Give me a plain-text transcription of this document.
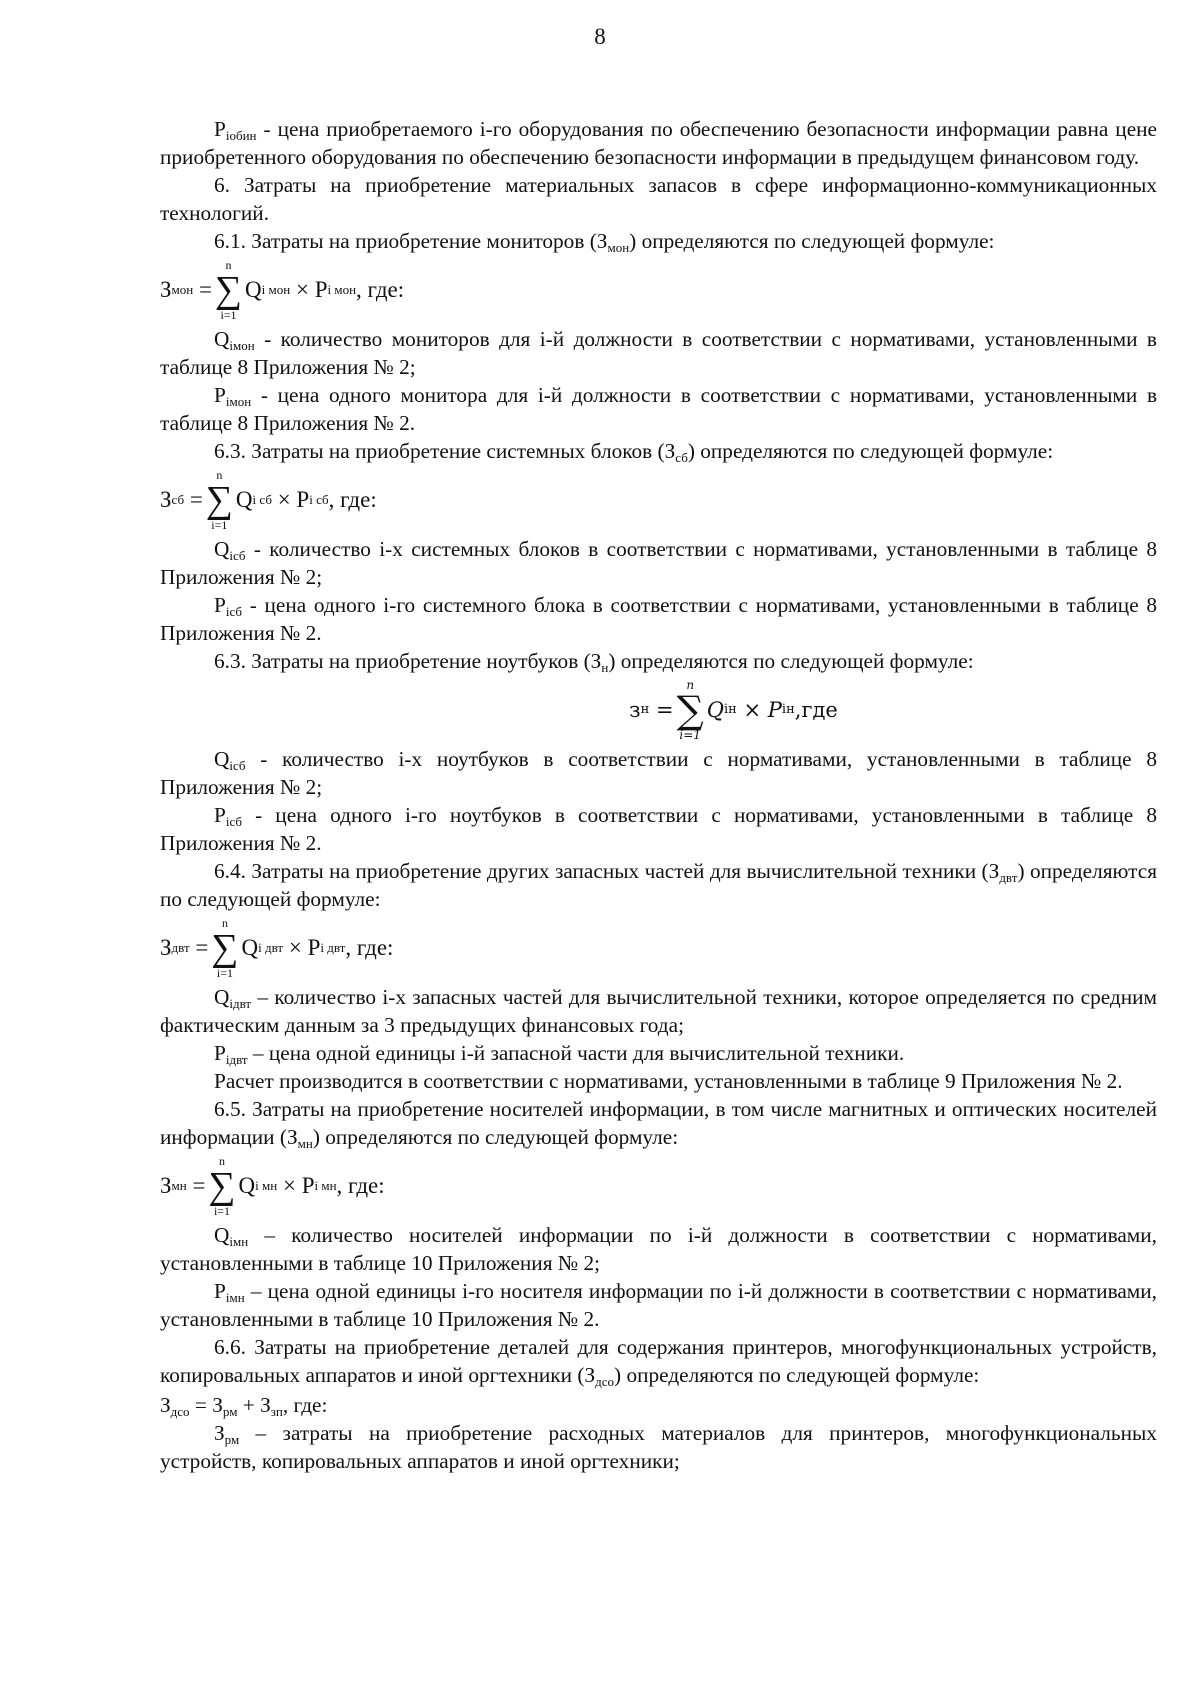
8

$P_{iобин}$ - цена приобретаемого i-го оборудования по обеспечению безопасности информации равна цене приобретенного оборудования по обеспечению безопасности информации в предыдущем финансовом году.

6. Затраты на приобретение материальных запасов в сфере информационно-коммуникационных технологий.

6.1. Затраты на приобретение мониторов $(З_{мон})$ определяются по следующей формуле:

З мон
=
n
∑
i=1
Q i мон
×
P i мон , где:

$Q_{iмон}$ - количество мониторов для i-й должности в соответствии с нормативами, установленными в таблице 8 Приложения № 2;

$P_{iмон}$ - цена одного монитора для i-й должности в соответствии с нормативами, установленными в таблице 8 Приложения № 2.

6.3. Затраты на приобретение системных блоков $(З_{сб})$ определяются по следующей формуле:

З сб
=
n
∑
i=1
Q i сб
×
P i сб , где:

$Q_{iсб}$ - количество i-х системных блоков в соответствии с нормативами, установленными в таблице 8 Приложения № 2;

$P_{iсб}$ - цена одного i-го системного блока в соответствии с нормативами, установленными в таблице 8 Приложения № 2.

6.3. Затраты на приобретение ноутбуков $(З_н)$ определяются по следующей формуле:

з н
=
n
∑
i=1
Q iн
×
P iн , где

$Q_{iсб}$ - количество i-х ноутбуков в соответствии с нормативами, установленными в таблице 8 Приложения № 2;

$P_{iсб}$ - цена одного i-го ноутбуков в соответствии с нормативами, установленными в таблице 8 Приложения № 2.

6.4. Затраты на приобретение других запасных частей для вычислительной техники $(З_{двт})$ определяются по следующей формуле:

З двт
=
n
∑
i=1
Q i двт
×
P i двт , где:

$Q_{iдвт}$ – количество i-х запасных частей для вычислительной техники, которое определяется по средним фактическим данным за 3 предыдущих финансовых года;

$P_{iдвт}$ – цена одной единицы i-й запасной части для вычислительной техники.

Расчет производится в соответствии с нормативами, установленными в таблице 9 Приложения № 2.

6.5. Затраты на приобретение носителей информации, в том числе магнитных и оптических носителей информации $(З_{мн})$ определяются по следующей формуле:

З мн
=
n
∑
i=1
Q i мн
×
P i мн , где:

$Q_{iмн}$ – количество носителей информации по i-й должности в соответствии с нормативами, установленными в таблице 10 Приложения № 2;

$P_{iмн}$ – цена одной единицы i-го носителя информации по i-й должности в соответствии с нормативами, установленными в таблице 10 Приложения № 2.

6.6. Затраты на приобретение деталей для содержания принтеров, многофункциональных устройств, копировальных аппаратов и иной оргтехники $(З_{дсо})$ определяются по следующей формуле:

$З_{дсо} = З_{рм} + З_{зп}$, где:

$З_{рм}$ – затраты на приобретение расходных материалов для принтеров, многофункциональных устройств, копировальных аппаратов и иной оргтехники;
